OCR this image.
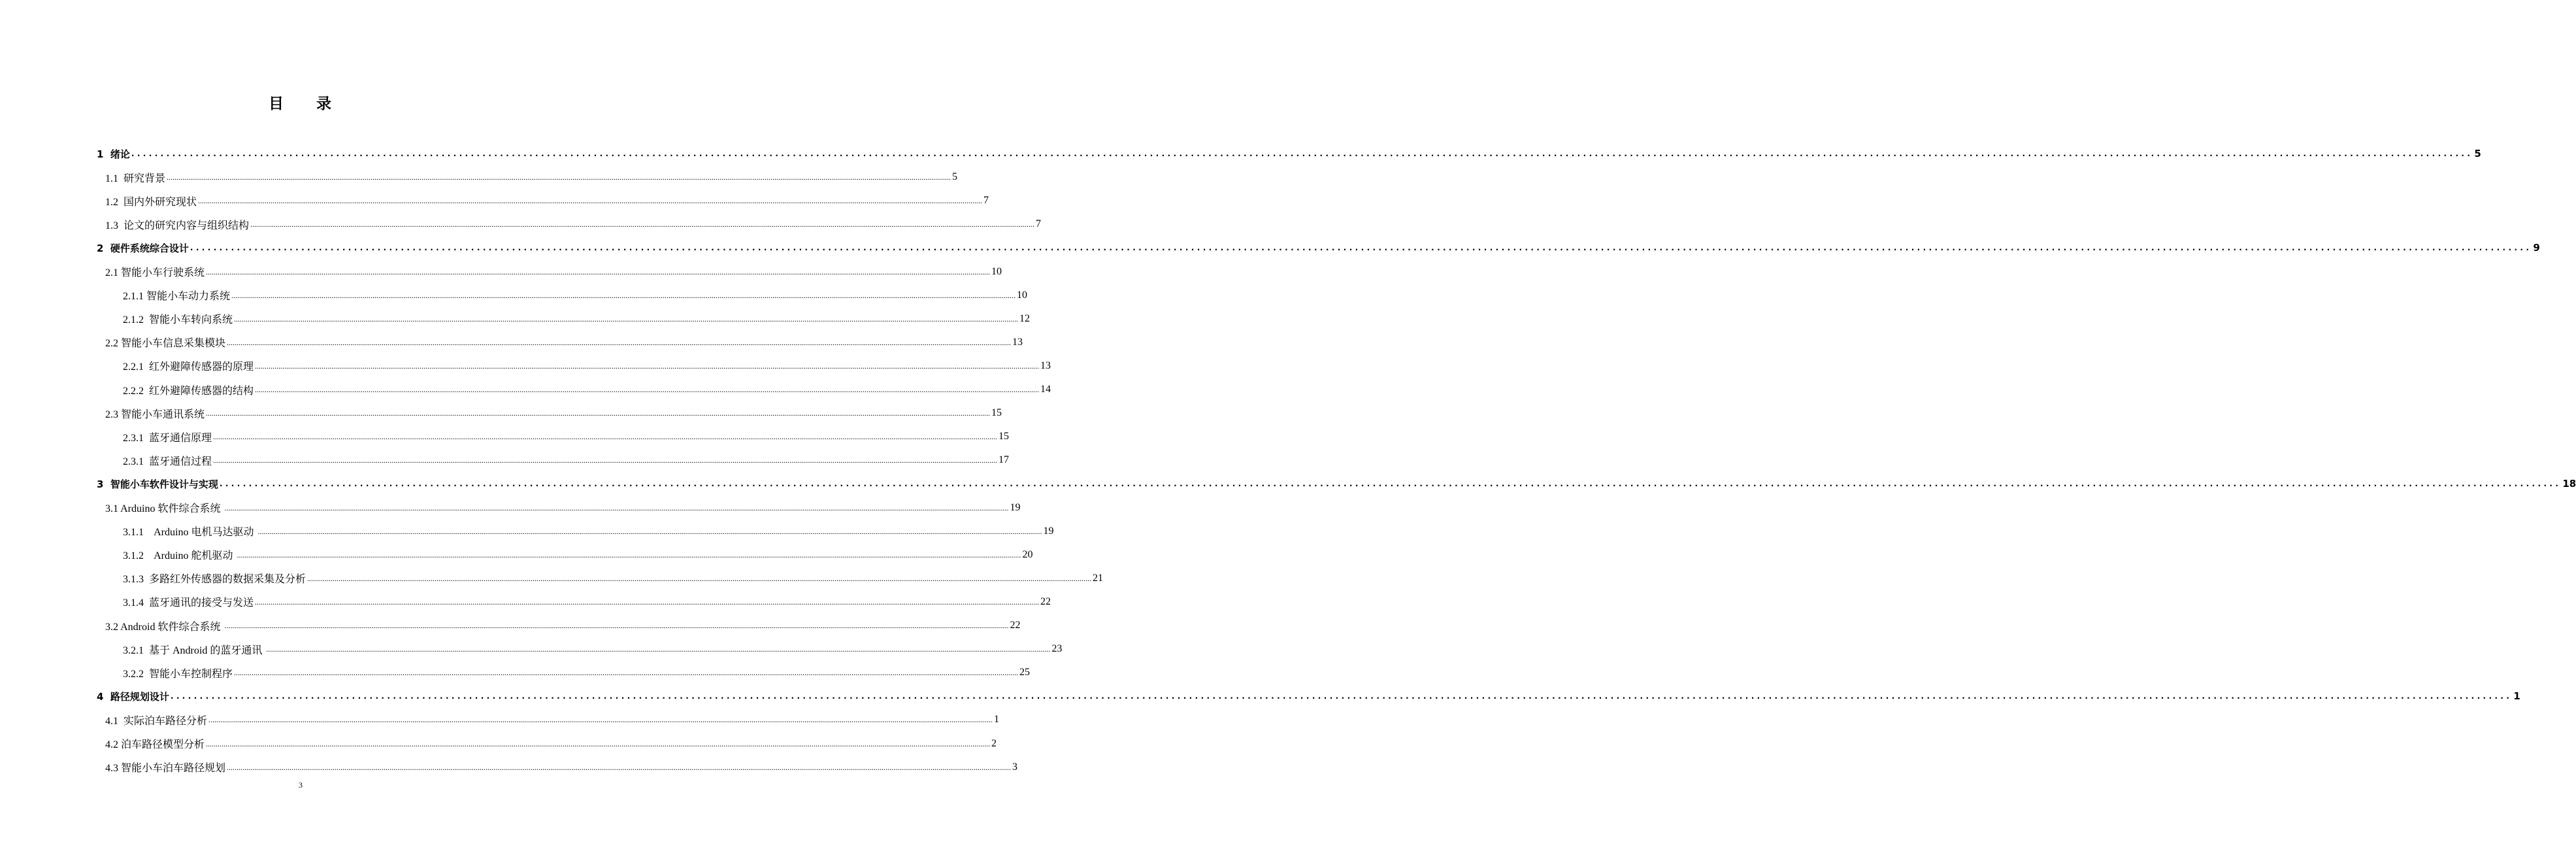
目 录
1  绪论 ................................................................................................................................................................................................................................................................................................................................................................................................................ 5
1.1  研究背景 ................................................................................................................................................................................................................................................................................................................................................................................................................ 5
1.2  国内外研究现状 ................................................................................................................................................................................................................................................................................................................................................................................................................ 7
1.3  论文的研究内容与组织结构 ................................................................................................................................................................................................................................................................................................................................................................................................................ 7
2  硬件系统综合设计 ................................................................................................................................................................................................................................................................................................................................................................................................................ 9
2.1 智能小车行驶系统 ................................................................................................................................................................................................................................................................................................................................................................................................................ 10
2.1.1 智能小车动力系统 ................................................................................................................................................................................................................................................................................................................................................................................................................ 10
2.1.2  智能小车转向系统 ................................................................................................................................................................................................................................................................................................................................................................................................................ 12
2.2 智能小车信息采集模块 ................................................................................................................................................................................................................................................................................................................................................................................................................ 13
2.2.1  红外避障传感器的原理 ................................................................................................................................................................................................................................................................................................................................................................................................................ 13
2.2.2  红外避障传感器的结构 ................................................................................................................................................................................................................................................................................................................................................................................................................ 14
2.3 智能小车通讯系统 ................................................................................................................................................................................................................................................................................................................................................................................................................ 15
2.3.1  蓝牙通信原理 ................................................................................................................................................................................................................................................................................................................................................................................................................ 15
2.3.1  蓝牙通信过程 ................................................................................................................................................................................................................................................................................................................................................................................................................ 17
3  智能小车软件设计与实现 ................................................................................................................................................................................................................................................................................................................................................................................................................ 18
3.1 Arduino 软件综合系统 ................................................................................................................................................................................................................................................................................................................................................................................................................ 19
3.1.1    Arduino 电机马达驱动 ................................................................................................................................................................................................................................................................................................................................................................................................................ 19
3.1.2    Arduino 舵机驱动 ................................................................................................................................................................................................................................................................................................................................................................................................................ 20
3.1.3  多路红外传感器的数据采集及分析 ................................................................................................................................................................................................................................................................................................................................................................................................................ 21
3.1.4  蓝牙通讯的接受与发送 ................................................................................................................................................................................................................................................................................................................................................................................................................ 22
3.2 Android 软件综合系统 ................................................................................................................................................................................................................................................................................................................................................................................................................ 22
3.2.1  基于 Android 的蓝牙通讯 ................................................................................................................................................................................................................................................................................................................................................................................................................ 23
3.2.2  智能小车控制程序 ................................................................................................................................................................................................................................................................................................................................................................................................................ 25
4  路径规划设计 ................................................................................................................................................................................................................................................................................................................................................................................................................ 1
4.1  实际泊车路径分析 ................................................................................................................................................................................................................................................................................................................................................................................................................ 1
4.2 泊车路径模型分析 ................................................................................................................................................................................................................................................................................................................................................................................................................ 2
4.3 智能小车泊车路径规划 ................................................................................................................................................................................................................................................................................................................................................................................................................ 3
3
